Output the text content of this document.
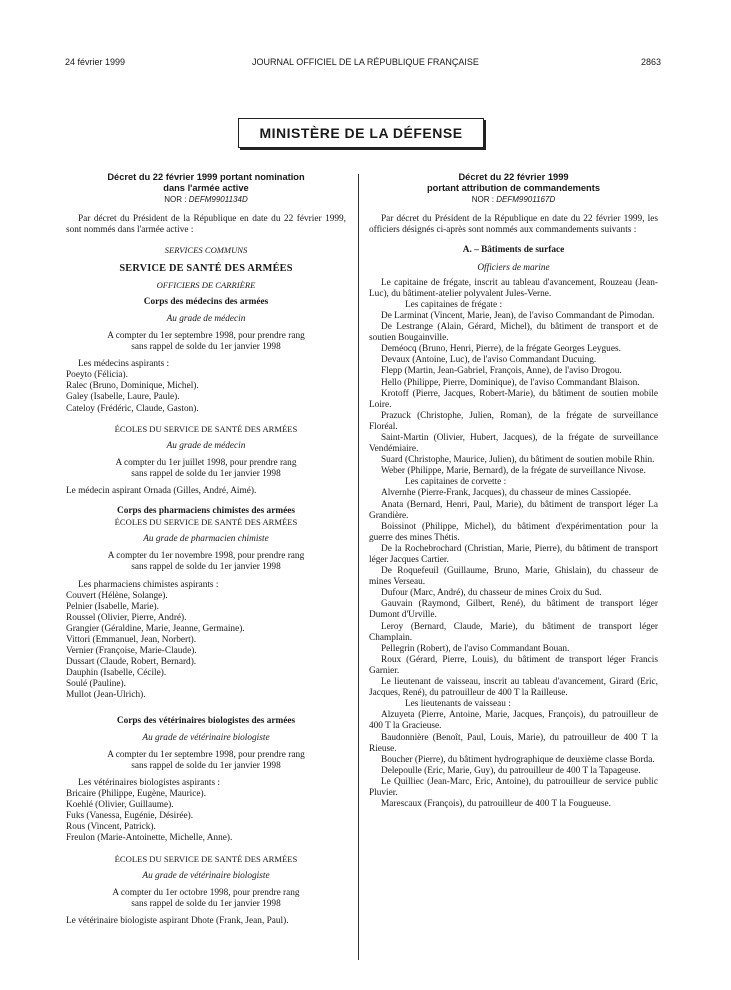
24 février 1999	JOURNAL OFFICIEL DE LA RÉPUBLIQUE FRANÇAISE	2863
MINISTÈRE DE LA DÉFENSE

Décret du 22 février 1999 portant nomination

dans l'armée active

NOR : DEFM9901134D

Par décret du Président de la République en date du 22 février 1999, sont nommés dans l'armée active :

SERVICES COMMUNS

SERVICE DE SANTÉ DES ARMÉES

OFFICIERS DE CARRIÈRE

Corps des médecins des armées

Au grade de médecin

A compter du 1er septembre 1998, pour prendre rang

sans rappel de solde du 1er janvier 1998

Les médecins aspirants :

Poeyto (Félicia).

Ralec (Bruno, Dominique, Michel).

Galey (Isabelle, Laure, Paule).

Cateloy (Frédéric, Claude, Gaston).

ÉCOLES DU SERVICE DE SANTÉ DES ARMÉES

Au grade de médecin

A compter du 1er juillet 1998, pour prendre rang

sans rappel de solde du 1er janvier 1998

Le médecin aspirant Ornada (Gilles, André, Aimé).

Corps des pharmaciens chimistes des armées

ÉCOLES DU SERVICE DE SANTÉ DES ARMÉES

Au grade de pharmacien chimiste

A compter du 1er novembre 1998, pour prendre rang

sans rappel de solde du 1er janvier 1998

Les pharmaciens chimistes aspirants :

Couvert (Hélène, Solange).

Pelnier (Isabelle, Marie).

Roussel (Olivier, Pierre, André).

Grangier (Géraldine, Marie, Jeanne, Germaine).

Vittori (Emmanuel, Jean, Norbert).

Vernier (Françoise, Marie-Claude).

Dussart (Claude, Robert, Bernard).

Dauphin (Isabelle, Cécile).

Soulé (Pauline).

Mullot (Jean-Ulrich).

Corps des vétérinaires biologistes des armées

Au grade de vétérinaire biologiste

A compter du 1er septembre 1998, pour prendre rang

sans rappel de solde du 1er janvier 1998

Les vétérinaires biologistes aspirants :

Bricaire (Philippe, Eugène, Maurice).

Koehlé (Olivier, Guillaume).

Fuks (Vanessa, Eugénie, Désirée).

Rous (Vincent, Patrick).

Freulon (Marie-Antoinette, Michelle, Anne).

ÉCOLES DU SERVICE DE SANTÉ DES ARMÉES

Au grade de vétérinaire biologiste

A compter du 1er octobre 1998, pour prendre rang

sans rappel de solde du 1er janvier 1998

Le vétérinaire biologiste aspirant Dhote (Frank, Jean, Paul).

Décret du 22 février 1999

portant attribution de commandements

NOR : DEFM9901167D

Par décret du Président de la République en date du 22 février 1999, les officiers désignés ci-après sont nommés aux commandements suivants :

A. – Bâtiments de surface

Officiers de marine

Le capitaine de frégate, inscrit au tableau d'avancement, Rouzeau (Jean-Luc), du bâtiment-atelier polyvalent Jules-Verne.

Les capitaines de frégate :

De Larminat (Vincent, Marie, Jean), de l'aviso Commandant de Pimodan.

De Lestrange (Alain, Gérard, Michel), du bâtiment de transport et de soutien Bougainville.

Deméocq (Bruno, Henri, Pierre), de la frégate Georges Leygues.

Devaux (Antoine, Luc), de l'aviso Commandant Ducuing.

Flepp (Martin, Jean-Gabriel, François, Anne), de l'aviso Drogou.

Hello (Philippe, Pierre, Dominique), de l'aviso Commandant Blaison.

Krotoff (Pierre, Jacques, Robert-Marie), du bâtiment de soutien mobile Loire.

Prazuck (Christophe, Julien, Roman), de la frégate de surveillance Floréal.

Saint-Martin (Olivier, Hubert, Jacques), de la frégate de surveillance Vendémiaire.

Suard (Christophe, Maurice, Julien), du bâtiment de soutien mobile Rhin.

Weber (Philippe, Marie, Bernard), de la frégate de surveillance Nivose.

Les capitaines de corvette :

Alvernhe (Pierre-Frank, Jacques), du chasseur de mines Cassiopée.

Anata (Bernard, Henri, Paul, Marie), du bâtiment de transport léger La Grandière.

Boissinot (Philippe, Michel), du bâtiment d'expérimentation pour la guerre des mines Thétis.

De la Rochebrochard (Christian, Marie, Pierre), du bâtiment de transport léger Jacques Cartier.

De Roquefeuil (Guillaume, Bruno, Marie, Ghislain), du chasseur de mines Verseau.

Dufour (Marc, André), du chasseur de mines Croix du Sud.

Gauvain (Raymond, Gilbert, René), du bâtiment de transport léger Dumont d'Urville.

Leroy (Bernard, Claude, Marie), du bâtiment de transport léger Champlain.

Pellegrin (Robert), de l'aviso Commandant Bouan.

Roux (Gérard, Pierre, Louis), du bâtiment de transport léger Francis Garnier.

Le lieutenant de vaisseau, inscrit au tableau d'avancement, Girard (Eric, Jacques, René), du patrouilleur de 400 T la Railleuse.

Les lieutenants de vaisseau :

Alzuyeta (Pierre, Antoine, Marie, Jacques, François), du patrouilleur de 400 T la Gracieuse.

Baudonnière (Benoît, Paul, Louis, Marie), du patrouilleur de 400 T la Rieuse.

Boucher (Pierre), du bâtiment hydrographique de deuxième classe Borda.

Delepoulle (Eric, Marie, Guy), du patrouilleur de 400 T la Tapageuse.

Le Quilliec (Jean-Marc, Eric, Antoine), du patrouilleur de service public Pluvier.

Marescaux (François), du patrouilleur de 400 T la Fougueuse.
